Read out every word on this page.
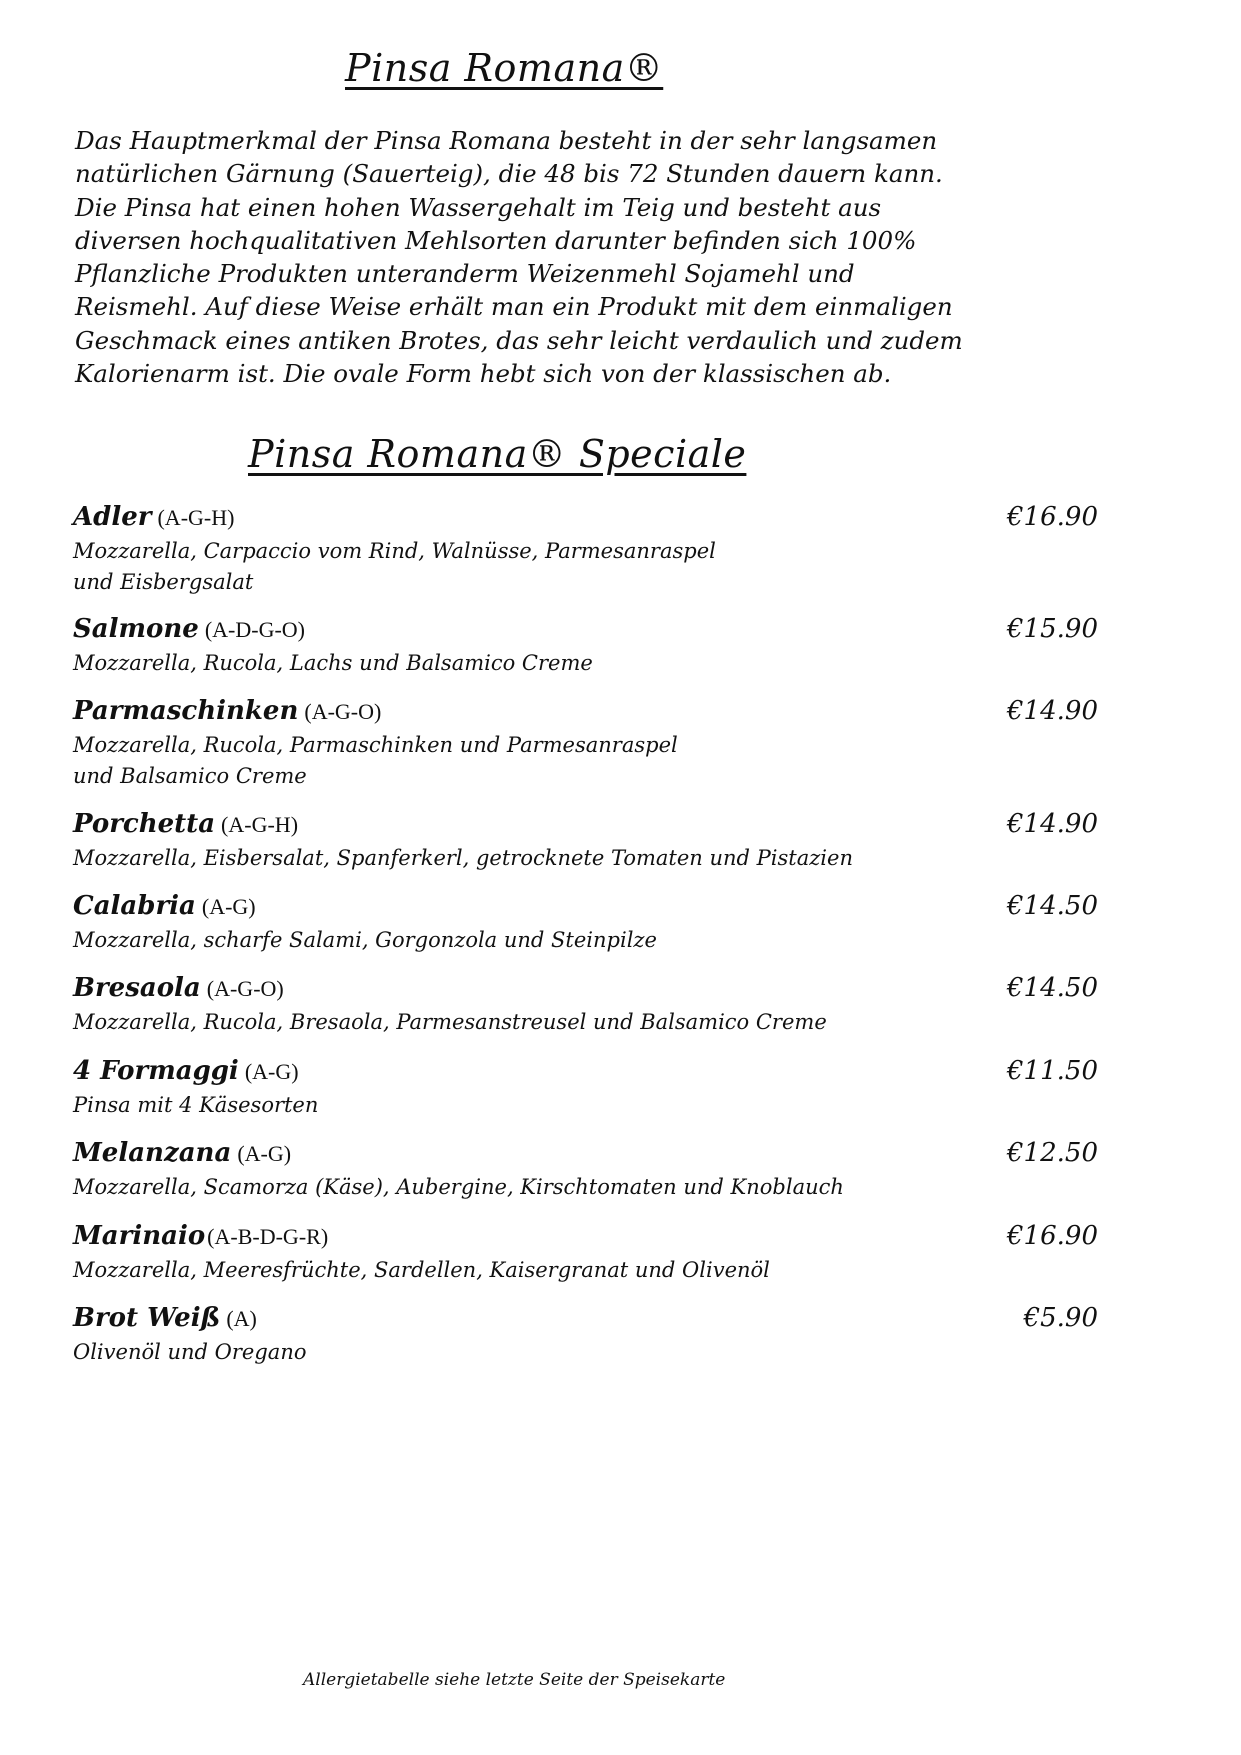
Pinsa Romana®
Das Hauptmerkmal der Pinsa Romana besteht in der sehr langsamen
natürlichen Gärnung (Sauerteig), die 48 bis 72 Stunden dauern kann.
Die Pinsa hat einen hohen Wassergehalt im Teig und besteht aus
diversen hochqualitativen Mehlsorten darunter befinden sich 100%
Pflanzliche Produkten unteranderm Weizenmehl Sojamehl und
Reismehl. Auf diese Weise erhält man ein Produkt mit dem einmaligen
Geschmack eines antiken Brotes, das sehr leicht verdaulich und zudem
Kalorienarm ist. Die ovale Form hebt sich von der klassischen ab.
Pinsa Romana® Speciale
Adler (A-G-H)	€16.90
Mozzarella, Carpaccio vom Rind, Walnüsse, Parmesanraspel
und Eisbergsalat
Salmone (A-D-G-O)	€15.90
Mozzarella, Rucola, Lachs und Balsamico Creme
Parmaschinken (A-G-O)	€14.90
Mozzarella, Rucola, Parmaschinken und Parmesanraspel
und Balsamico Creme
Porchetta (A-G-H)	€14.90
Mozzarella, Eisbersalat, Spanferkerl, getrocknete Tomaten und Pistazien
Calabria (A-G)	€14.50
Mozzarella, scharfe Salami, Gorgonzola und Steinpilze
Bresaola (A-G-O)	€14.50
Mozzarella, Rucola, Bresaola, Parmesanstreusel und Balsamico Creme
4 Formaggi (A-G)	€11.50
Pinsa mit 4 Käsesorten
Melanzana (A-G)	€12.50
Mozzarella, Scamorza (Käse), Aubergine, Kirschtomaten und Knoblauch
Marinaio(A-B-D-G-R)	€16.90
Mozzarella, Meeresfrüchte, Sardellen, Kaisergranat und Olivenöl
Brot Weiß (A)	€5.90
Olivenöl und Oregano
Allergietabelle siehe letzte Seite der Speisekarte
